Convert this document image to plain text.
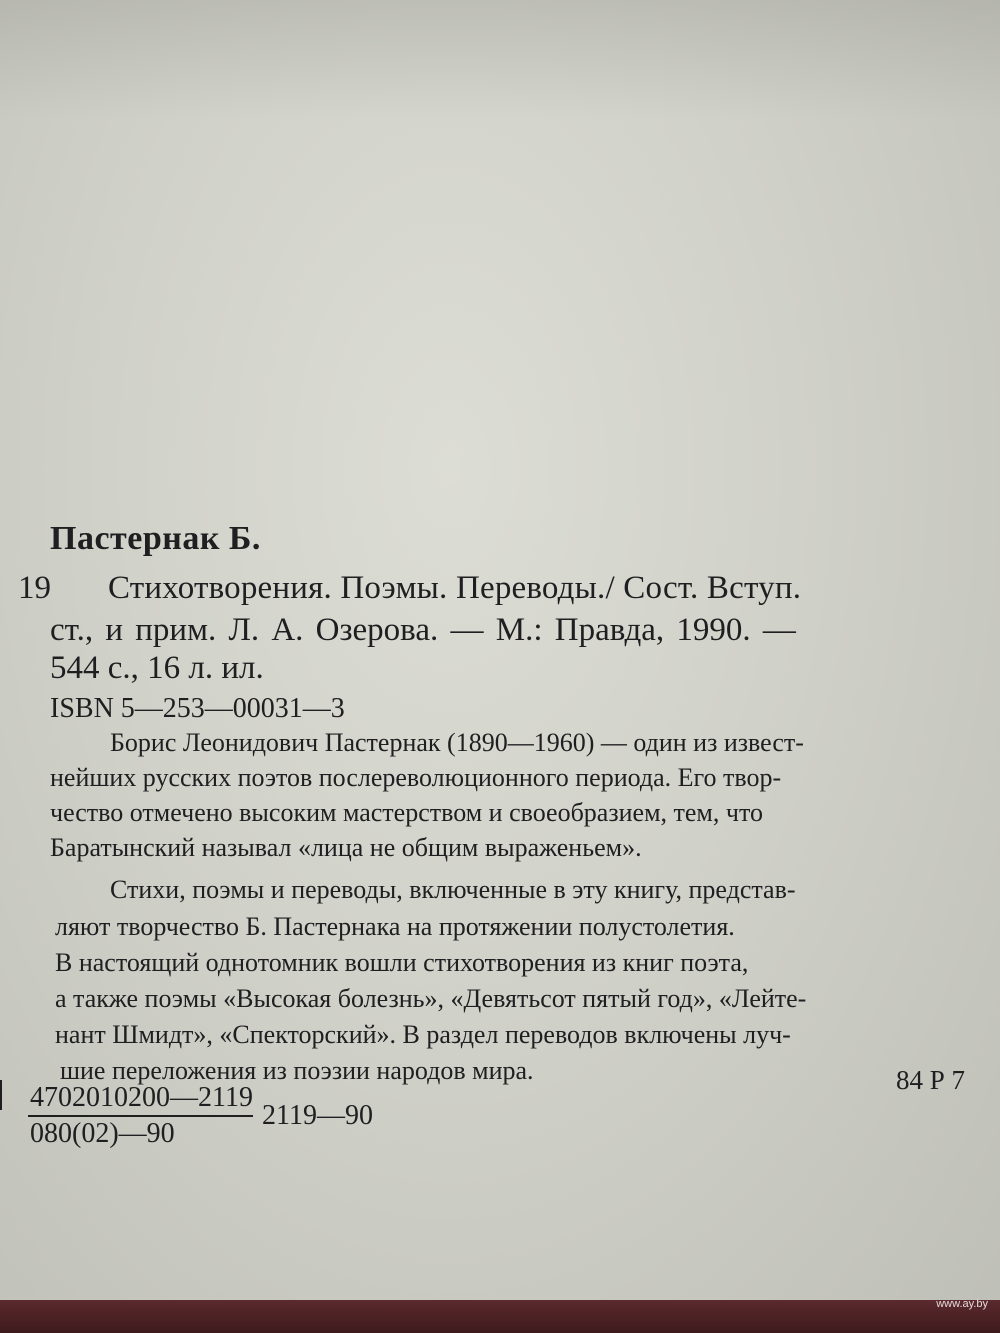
Пастернак Б.
19 Стихотворения. Поэмы. Переводы./ Сост. Вступ.
ст., и прим. Л. А. Озерова. — М.: Правда, 1990. —
544 с., 16 л. ил.
ISBN 5—253—00031—3
Борис Леонидович Пастернак (1890—1960) — один из извест-
нейших русских поэтов послереволюционного периода. Его твор-
чество отмечено высоким мастерством и своеобразием, тем, что
Баратынский называл «лица не общим выраженьем».
Стихи, поэмы и переводы, включенные в эту книгу, представ-
ляют творчество Б. Пастернака на протяжении полустолетия.
В настоящий однотомник вошли стихотворения из книг поэта,
а также поэмы «Высокая болезнь», «Девятьсот пятый год», «Лейте-
нант Шмидт», «Спекторский». В раздел переводов включены луч-
шие переложения из поэзии народов мира.	84 Р 7
4702010200—2119
080(02)—90
2119—90
www.ay.by
